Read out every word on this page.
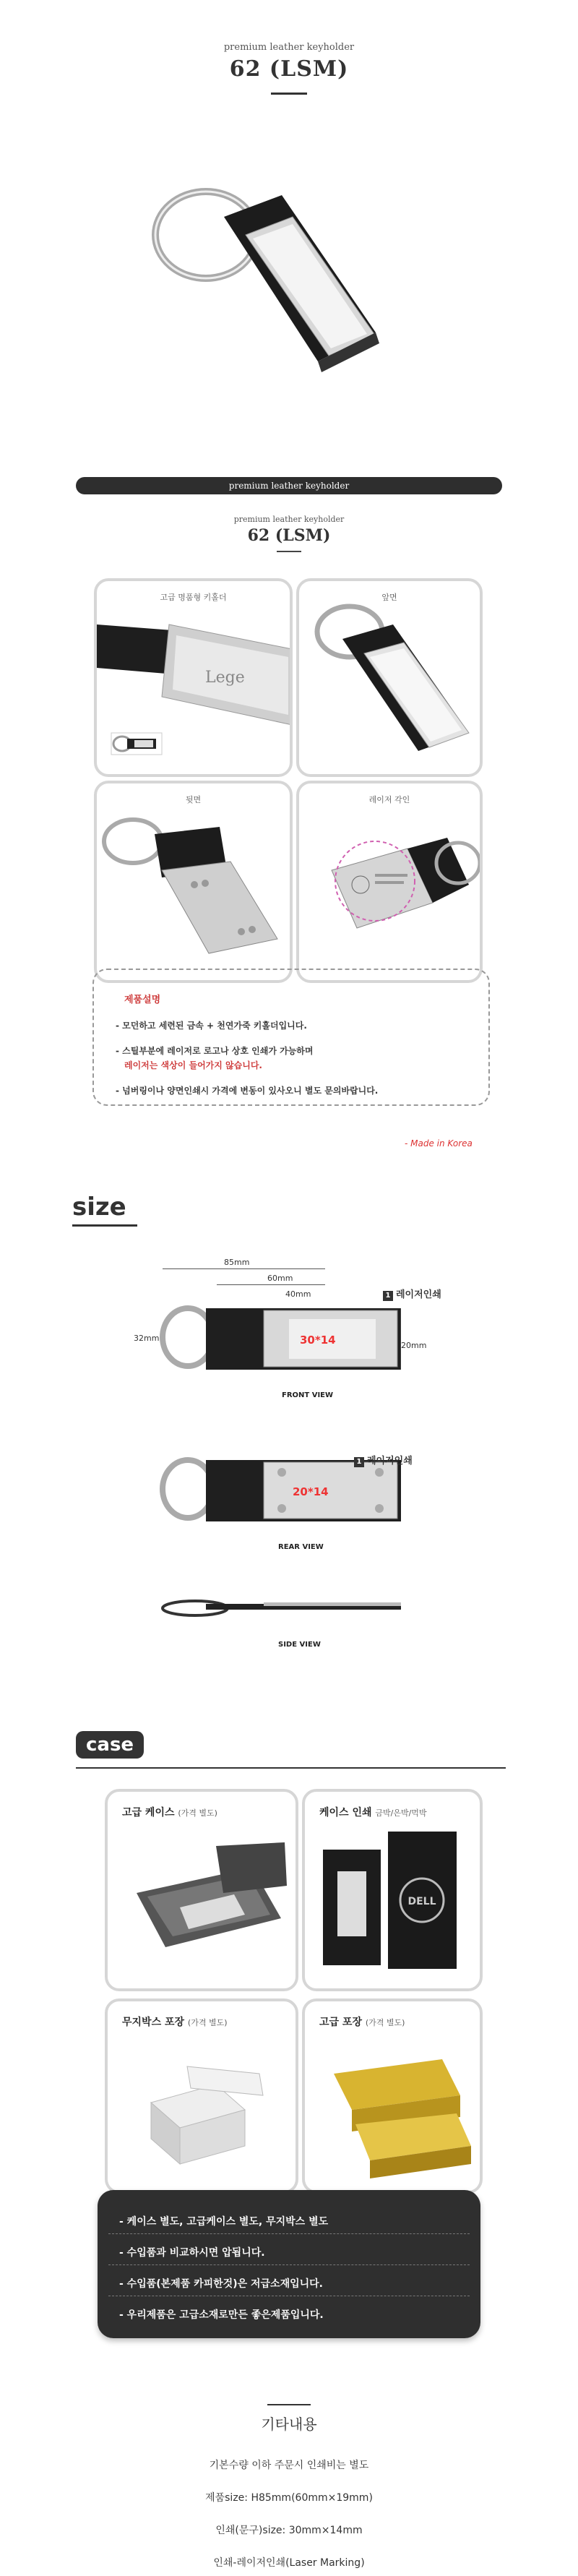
premium leather keyholder
62 (LSM)
premium leather keyholder
premium leather keyholder
62 (LSM)
고급 명품형 키홀더
Lege
앞면
뒷면	레이저 각인
제품설명
- 모던하고 세련된 금속 + 천연가죽 키홀더입니다.
- 스틸부분에 레이저로 로고나 상호 인쇄가 가능하며
레이저는 색상이 들어가지 않습니다.
- 넘버링이나 양면인쇄시 가격에 변동이 있사오니 별도 문의바랍니다.
- Made in Korea
size
85mm
60mm
40mm
32mm
20mm
1 레이저인쇄
30*14
FRONT VIEW
1 레이저인쇄
20*14
REAR VIEW
SIDE VIEW
case
고급 케이스 (가격 별도)	케이스 인쇄 금박/은박/먹박
DELL
무지박스 포장 (가격 별도)	고급 포장 (가격 별도)
- 케이스 별도, 고급케이스 별도, 무지박스 별도
- 수입품과 비교하시면 압됩니다.
- 수입품(본제품 카피한것)은 저급소재입니다.
- 우리제품은 고급소재로만든 좋은제품입니다.
기타내용
기본수량 이하 주문시 인쇄비는 별도
제품size: H85mm(60mm×19mm)
인쇄(문구)size: 30mm×14mm
인쇄-레이저인쇄(Laser Marking)
